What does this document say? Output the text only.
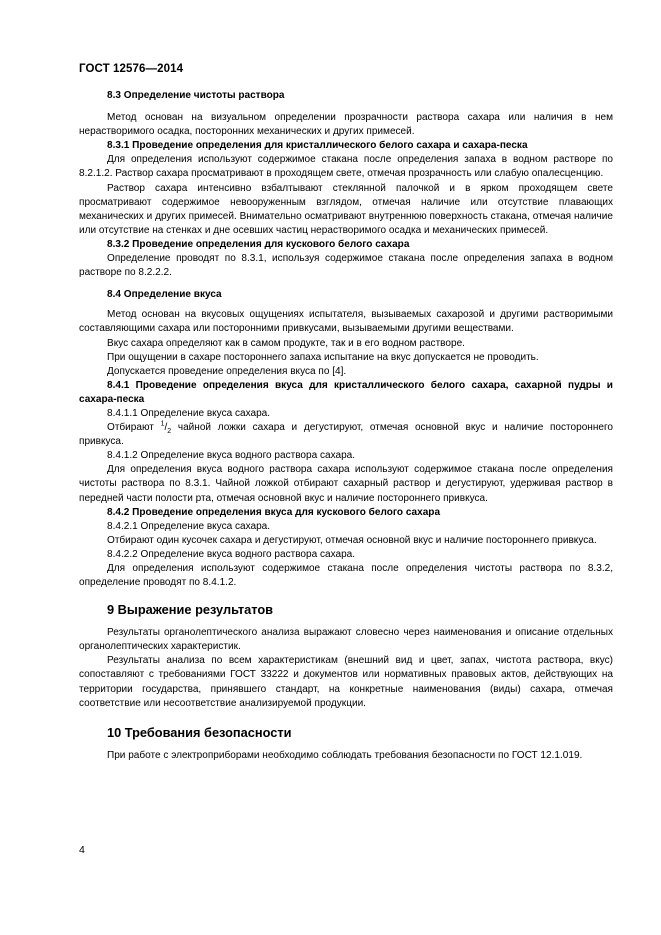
ГОСТ 12576—2014

8.3 Определение чистоты раствора

Метод основан на визуальном определении прозрачности раствора сахара или наличия в нем нерастворимого осадка, посторонних механических и других примесей.

8.3.1 Проведение определения для кристаллического белого сахара и сахара-песка

Для определения используют содержимое стакана после определения запаха в водном растворе по 8.2.1.2. Раствор сахара просматривают в проходящем свете, отмечая прозрачность или слабую опалесценцию.

Раствор сахара интенсивно взбалтывают стеклянной палочкой и в ярком проходящем свете просматривают содержимое невооруженным взглядом, отмечая наличие или отсутствие плавающих механических и других примесей. Внимательно осматривают внутреннюю поверхность стакана, отмечая наличие или отсутствие на стенках и дне осевших частиц нерастворимого осадка и механических примесей.

8.3.2 Проведение определения для кускового белого сахара

Определение проводят по 8.3.1, используя содержимое стакана после определения запаха в водном растворе по 8.2.2.2.

8.4 Определение вкуса

Метод основан на вкусовых ощущениях испытателя, вызываемых сахарозой и другими растворимыми составляющими сахара или посторонними привкусами, вызываемыми другими веществами.

Вкус сахара определяют как в самом продукте, так и в его водном растворе.

При ощущении в сахаре постороннего запаха испытание на вкус допускается не проводить.

Допускается проведение определения вкуса по [4].

8.4.1 Проведение определения вкуса для кристаллического белого сахара, сахарной пудры и сахара-песка

8.4.1.1 Определение вкуса сахара.

Отбирают $^1/_2$ чайной ложки сахара и дегустируют, отмечая основной вкус и наличие постороннего привкуса.

8.4.1.2 Определение вкуса водного раствора сахара.

Для определения вкуса водного раствора сахара используют содержимое стакана после определения чистоты раствора по 8.3.1. Чайной ложкой отбирают сахарный раствор и дегустируют, удерживая раствор в передней части полости рта, отмечая основной вкус и наличие постороннего привкуса.

8.4.2 Проведение определения вкуса для кускового белого сахара

8.4.2.1 Определение вкуса сахара.

Отбирают один кусочек сахара и дегустируют, отмечая основной вкус и наличие постороннего привкуса.

8.4.2.2 Определение вкуса водного раствора сахара.

Для определения используют содержимое стакана после определения чистоты раствора по 8.3.2, определение проводят по 8.4.1.2.

9 Выражение результатов

Результаты органолептического анализа выражают словесно через наименования и описание отдельных органолептических характеристик.

Результаты анализа по всем характеристикам (внешний вид и цвет, запах, чистота раствора, вкус) сопоставляют с требованиями ГОСТ 33222 и документов или нормативных правовых актов, действующих на территории государства, принявшего стандарт, на конкретные наименования (виды) сахара, отмечая соответствие или несоответствие анализируемой продукции.

10 Требования безопасности

При работе с электроприборами необходимо соблюдать требования безопасности по ГОСТ 12.1.019.

4
